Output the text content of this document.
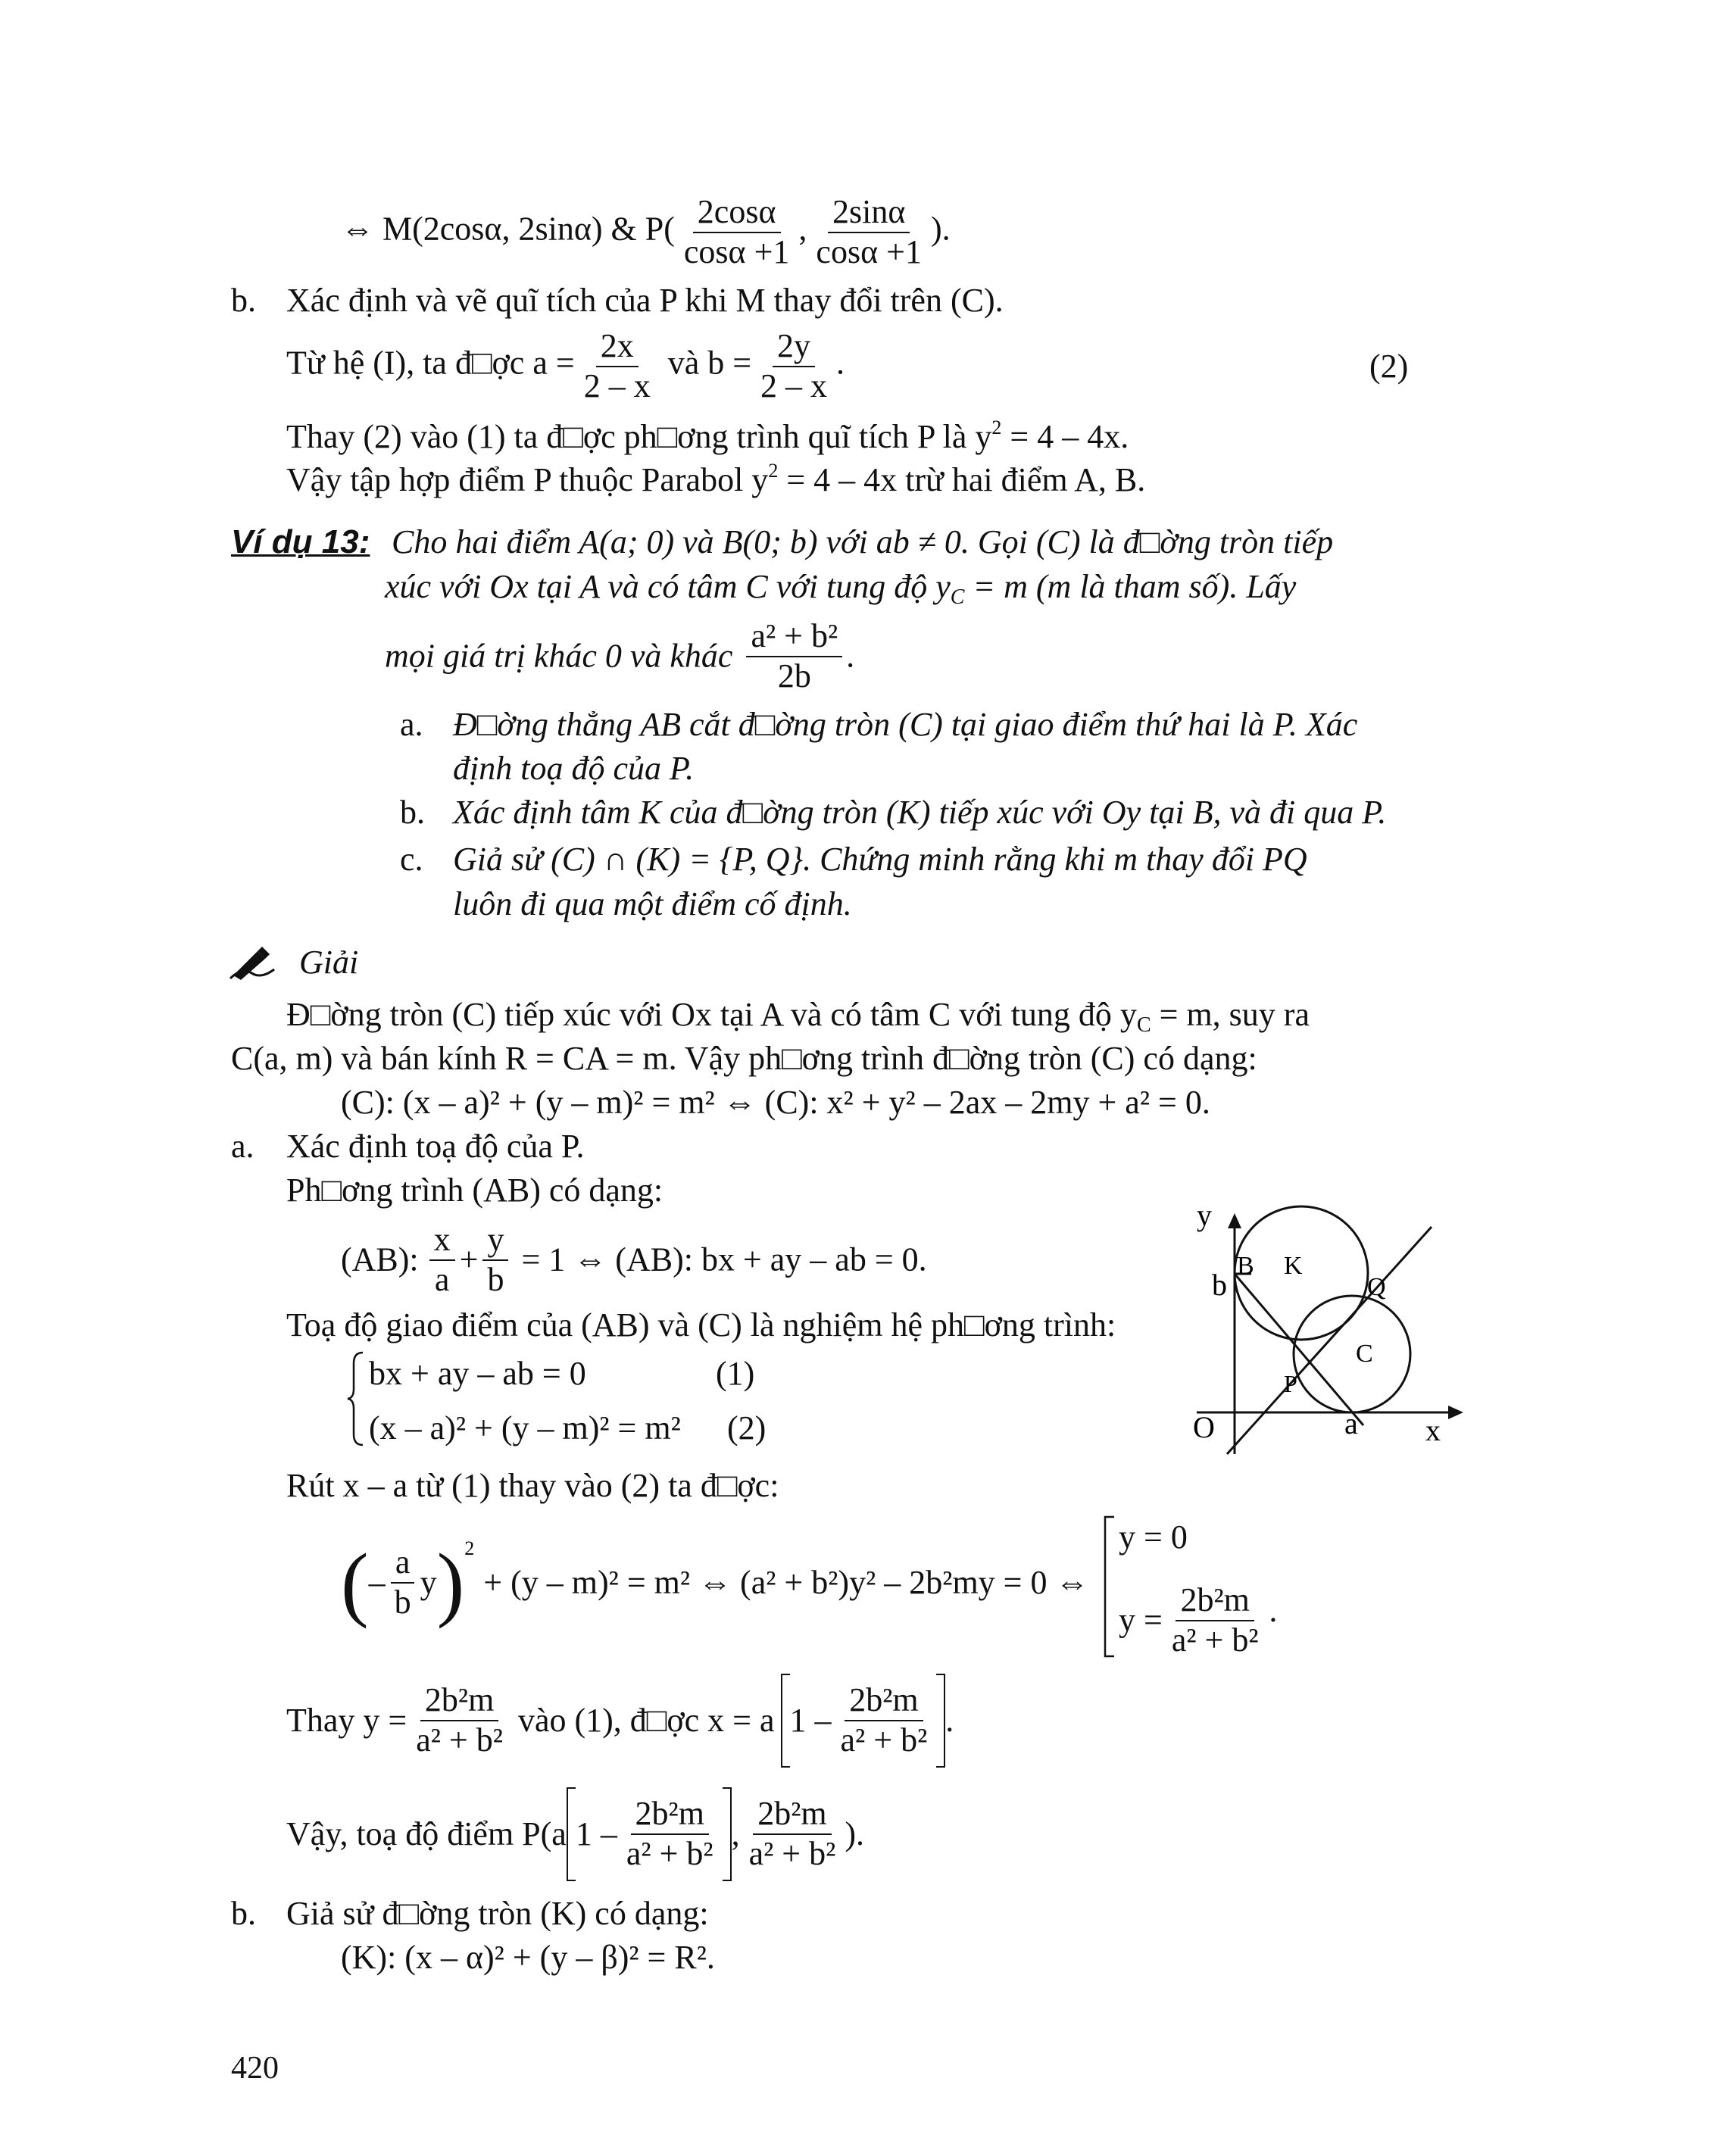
⇔ M(2cosα, 2sinα) & $P( \frac{2\cos\alpha}{\cos\alpha +1}$ , $\frac{2\sin\alpha}{\cos\alpha +1}$ ).
b. Xác định và vẽ quĩ tích của P khi M thay đổi trên (C).
Từ hệ (I), ta đ□ợc $a = \frac{2x}{2 - x}$ và $b = \frac{2y}{2 - x}$ .	(2)
Thay (2) vào (1) ta đ□ợc ph□ơng trình quĩ tích P là $y^2 = 4 - 4x$.
Vậy tập hợp điểm P thuộc Parabol $y^2 = 4 - 4x$ trừ hai điểm A, B.
Ví dụ 13: Cho hai điểm A(a; 0) và B(0; b) với ab ≠ 0. Gọi (C) là đ□ờng tròn tiếp
xúc với Ox tại A và có tâm C với tung độ $y_C = m$ (m là tham số). Lấy
mọi giá trị khác 0 và khác $\frac{\text{a² + b²}}{2b}$ .
a. Đ□ờng thẳng AB cắt đ□ờng tròn (C) tại giao điểm thứ hai là P. Xác
định toạ độ của P.
b. Xác định tâm K của đ□ờng tròn (K) tiếp xúc với Oy tại B, và đi qua P.
c. Giả sử (C) ∩ (K) = {P, Q}. Chứng minh rằng khi m thay đổi PQ
luôn đi qua một điểm cố định.
Giải
Đ□ờng tròn (C) tiếp xúc với Ox tại A và có tâm C với tung độ $y_C = m$, suy ra
C(a, m) và bán kính R = CA = m. Vậy ph□ơng trình đ□ờng tròn (C) có dạng:
(C): (x – a)² + (y – m)² = m² ⇔ (C): x² + y² – 2ax – 2my + a² = 0.
a. Xác định toạ độ của P.
Ph□ơng trình (AB) có dạng:
(AB): $\frac{x}{a} + \frac{y}{b} = 1$ ⇔ (AB): bx + ay – ab = 0.
Toạ độ giao điểm của (AB) và (C) là nghiệm hệ ph□ơng trình:
bx + ay – ab = 0	(1)
(x – a)² + (y – m)² = m² (2)
Rút x – a từ (1) thay vào (2) ta đ□ợc:
( – $\frac{a}{b}$ y ) 2
+ (y – m)² = m² ⇔ (a² + b²)y² – 2b²my = 0 ⇔
y = 0
$y = \frac{\text{2b²m}}{\text{a² + b²}}$ ·
Thay $y = \frac{\text{2b²m}}{\text{a² + b²}}$ vào (1), đ□ợc x = a $1 - \frac{\text{2b²m}}{\text{a² + b²}}$ .
Vậy, toạ độ điểm P(a $1 - \frac{\text{2b²m}}{\text{a² + b²}}$ , $\frac{\text{2b²m}}{\text{a² + b²}}$ ).
b. Giả sử đ□ờng tròn (K) có dạng:
(K): (x – α)² + (y – β)² = R².
y
b
B K
Q
C
P
O	a x
420
